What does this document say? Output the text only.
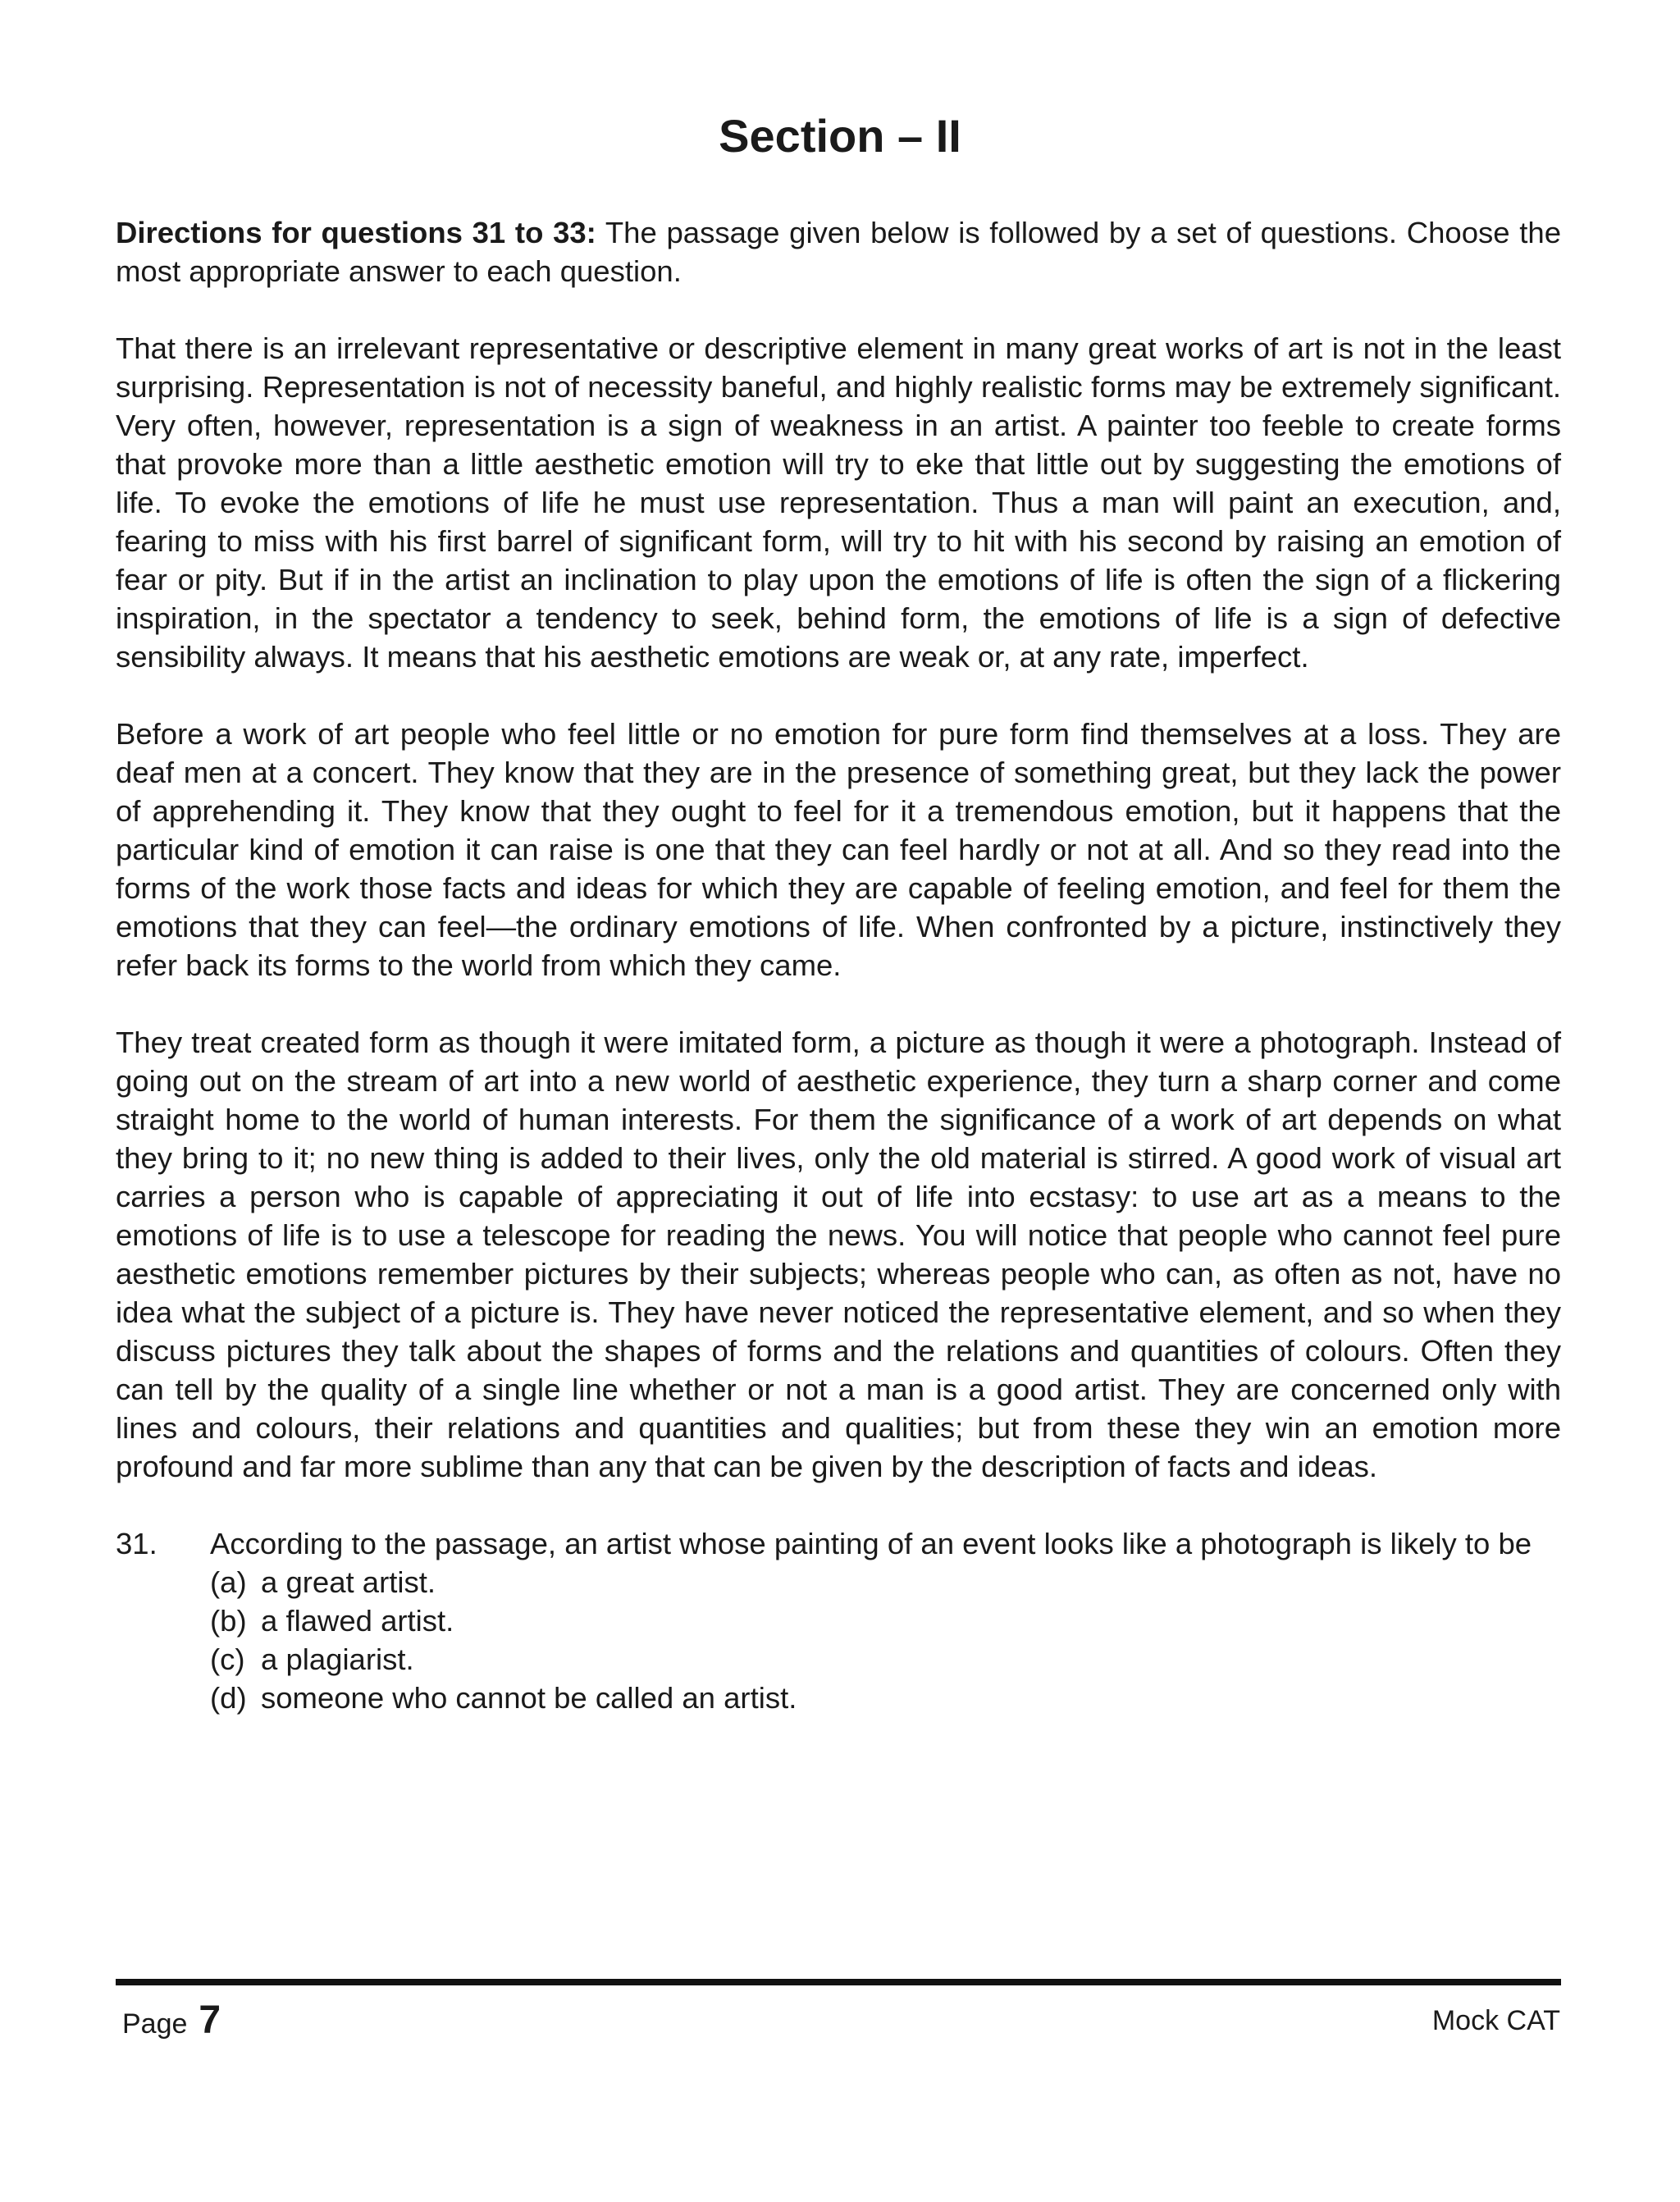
Section – II

Directions for questions 31 to 33: The passage given below is followed by a set of questions. Choose the most appropriate answer to each question.

That there is an irrelevant representative or descriptive element in many great works of art is not in the least surprising. Representation is not of necessity baneful, and highly realistic forms may be extremely significant. Very often, however, representation is a sign of weakness in an artist. A painter too feeble to create forms that provoke more than a little aesthetic emotion will try to eke that little out by suggesting the emotions of life. To evoke the emotions of life he must use representation. Thus a man will paint an execution, and, fearing to miss with his first barrel of significant form, will try to hit with his second by raising an emotion of fear or pity. But if in the artist an inclination to play upon the emotions of life is often the sign of a flickering inspiration, in the spectator a tendency to seek, behind form, the emotions of life is a sign of defective sensibility always. It means that his aesthetic emotions are weak or, at any rate, imperfect.

Before a work of art people who feel little or no emotion for pure form find themselves at a loss. They are deaf men at a concert. They know that they are in the presence of something great, but they lack the power of apprehending it. They know that they ought to feel for it a tremendous emotion, but it happens that the particular kind of emotion it can raise is one that they can feel hardly or not at all. And so they read into the forms of the work those facts and ideas for which they are capable of feeling emotion, and feel for them the emotions that they can feel—the ordinary emotions of life. When confronted by a picture, instinctively they refer back its forms to the world from which they came.

They treat created form as though it were imitated form, a picture as though it were a photograph. Instead of going out on the stream of art into a new world of aesthetic experience, they turn a sharp corner and come straight home to the world of human interests. For them the significance of a work of art depends on what they bring to it; no new thing is added to their lives, only the old material is stirred. A good work of visual art carries a person who is capable of appreciating it out of life into ecstasy: to use art as a means to the emotions of life is to use a telescope for reading the news. You will notice that people who cannot feel pure aesthetic emotions remember pictures by their subjects; whereas people who can, as often as not, have no idea what the subject of a picture is. They have never noticed the representative element, and so when they discuss pictures they talk about the shapes of forms and the relations and quantities of colours. Often they can tell by the quality of a single line whether or not a man is a good artist. They are concerned only with lines and colours, their relations and quantities and qualities; but from these they win an emotion more profound and far more sublime than any that can be given by the description of facts and ideas.

31.	According to the passage, an artist whose painting of an event looks like a photograph is likely to be
(a) a great artist.
(b) a flawed artist.
(c) a plagiarist.
(d) someone who cannot be called an artist.
Page 7	Mock CAT
